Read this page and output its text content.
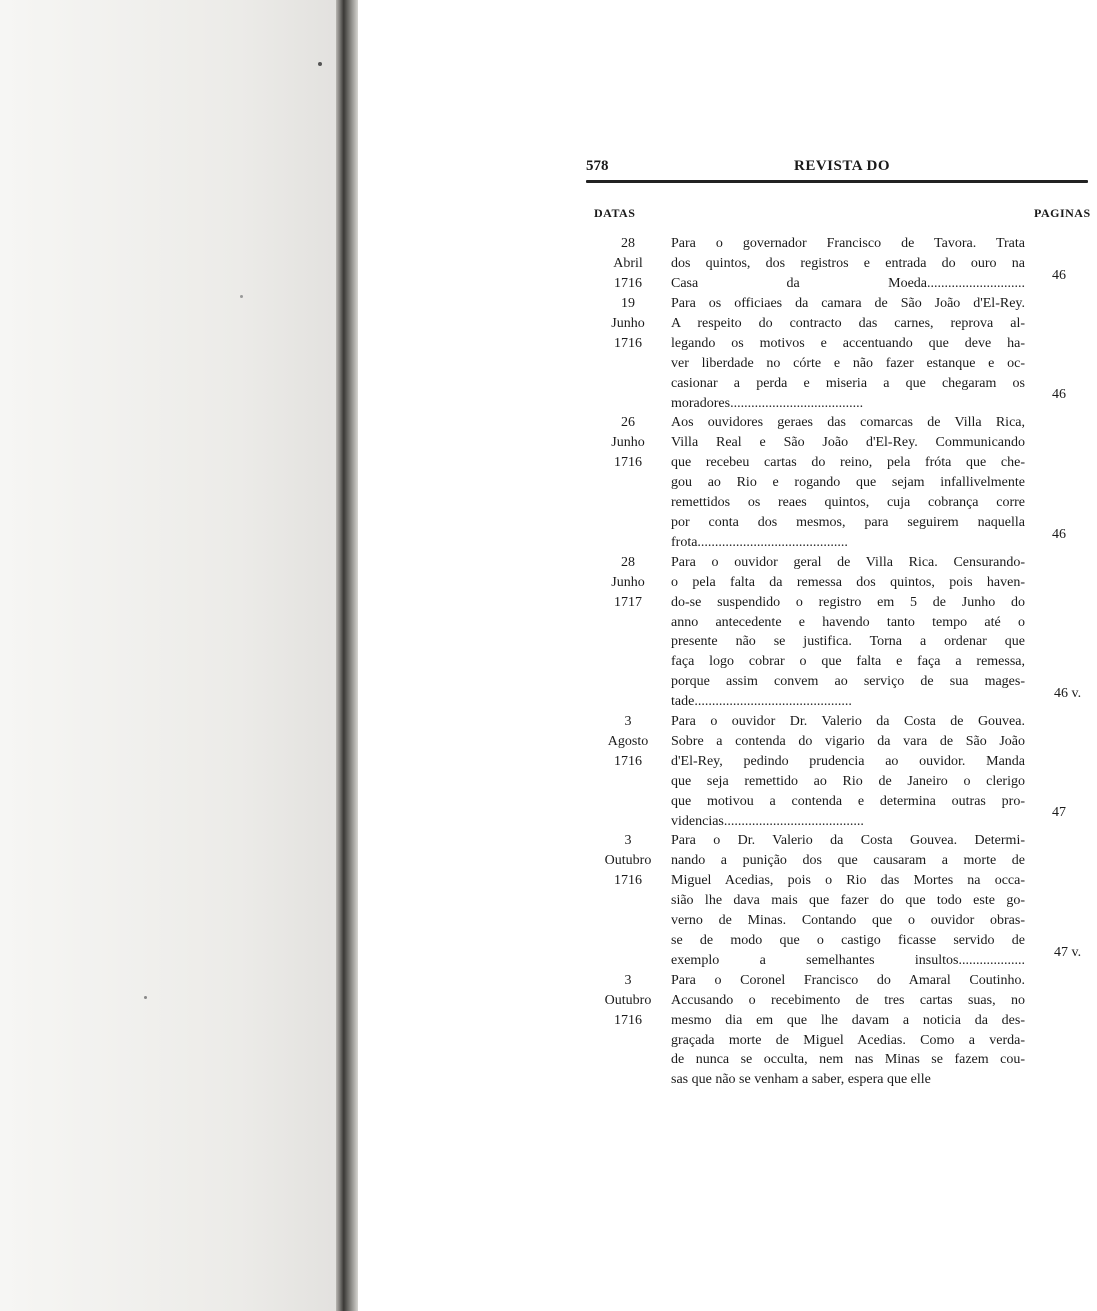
578	REVISTA DO
DATAS	PAGINAS
28
Abril
1716
Para o governador Francisco de Tavora. Trata
dos quintos, dos registros e entrada do ouro na
Casa da Moeda............................
46
19
Junho
1716
Para os officiaes da camara de São João d'El-Rey.
A respeito do contracto das carnes, reprova al-
legando os motivos e accentuando que deve ha-
ver liberdade no córte e não fazer estanque e oc-
casionar a perda e miseria a que chegaram os
moradores......................................
46
26
Junho
1716
Aos ouvidores geraes das comarcas de Villa Rica,
Villa Real e São João d'El-Rey. Communicando
que recebeu cartas do reino, pela fróta que che-
gou ao Rio e rogando que sejam infallivelmente
remettidos os reaes quintos, cuja cobrança corre
por conta dos mesmos, para seguirem naquella
frota...........................................
46
28
Junho
1717
Para o ouvidor geral de Villa Rica. Censurando-
o pela falta da remessa dos quintos, pois haven-
do-se suspendido o registro em 5 de Junho do
anno antecedente e havendo tanto tempo até o
presente não se justifica. Torna a ordenar que
faça logo cobrar o que falta e faça a remessa,
porque assim convem ao serviço de sua mages-
tade.............................................
46 v.
3
Agosto
1716
Para o ouvidor Dr. Valerio da Costa de Gouvea.
Sobre a contenda do vigario da vara de São João
d'El-Rey, pedindo prudencia ao ouvidor. Manda
que seja remettido ao Rio de Janeiro o clerigo
que motivou a contenda e determina outras pro-
videncias........................................
47
3
Outubro
1716
Para o Dr. Valerio da Costa Gouvea. Determi-
nando a punição dos que causaram a morte de
Miguel Acedias, pois o Rio das Mortes na occa-
sião lhe dava mais que fazer do que todo este go-
verno de Minas. Contando que o ouvidor obras-
se de modo que o castigo ficasse servido de
exemplo a semelhantes insultos...................
47 v.
3
Outubro
1716
Para o Coronel Francisco do Amaral Coutinho.
Accusando o recebimento de tres cartas suas, no
mesmo dia em que lhe davam a noticia da des-
graçada morte de Miguel Acedias. Como a verda-
de nunca se occulta, nem nas Minas se fazem cou-
sas que não se venham a saber, espera que elle
